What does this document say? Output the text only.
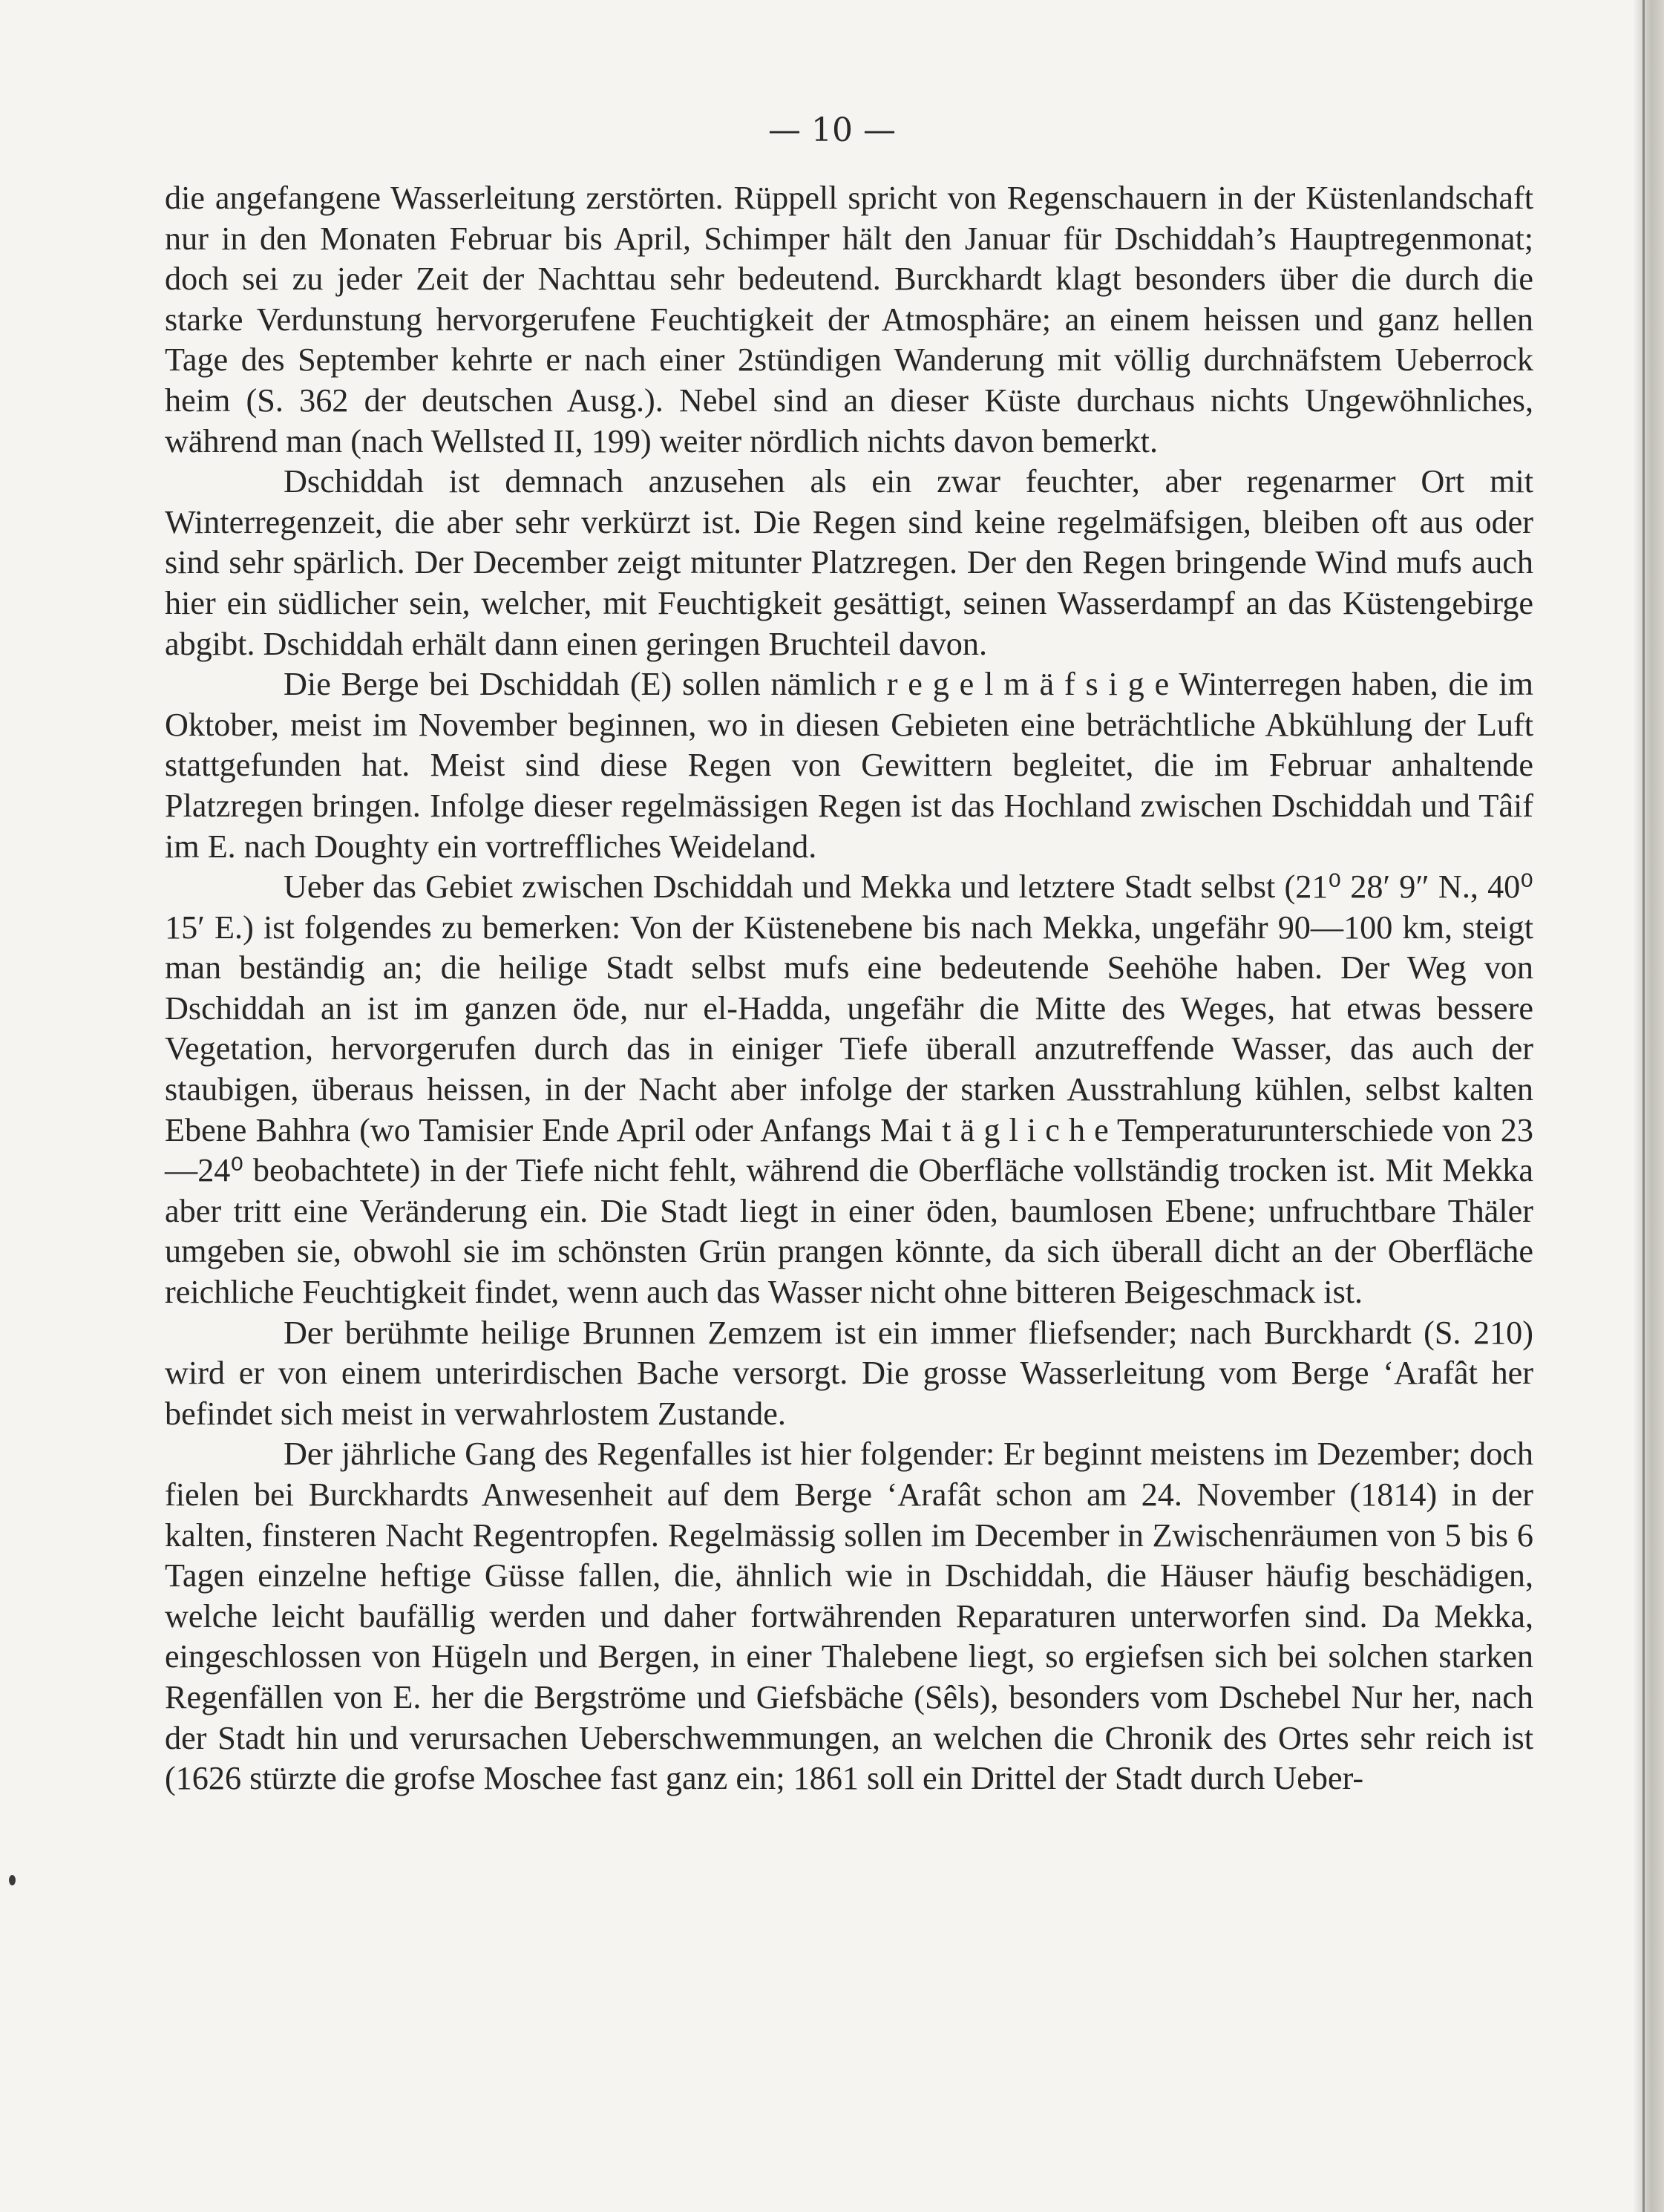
— 10 —

die angefangene Wasserleitung zerstörten. Rüppell spricht von Regenschauern in der Küstenlandschaft nur in den Monaten Februar bis April, Schimper hält den Januar für Dschiddah’s Hauptregenmonat; doch sei zu jeder Zeit der Nachttau sehr bedeutend. Burckhardt klagt besonders über die durch die starke Verdunstung hervorgerufene Feuchtigkeit der Atmosphäre; an einem heissen und ganz hellen Tage des September kehrte er nach einer 2stündigen Wanderung mit völlig durchnäfstem Ueberrock heim (S. 362 der deutschen Ausg.). Nebel sind an dieser Küste durchaus nichts Ungewöhnliches, während man (nach Wellsted II, 199) weiter nördlich nichts davon bemerkt.

Dschiddah ist demnach anzusehen als ein zwar feuchter, aber regenarmer Ort mit Winterregenzeit, die aber sehr verkürzt ist. Die Regen sind keine regelmäfsigen, bleiben oft aus oder sind sehr spärlich. Der December zeigt mitunter Platzregen. Der den Regen bringende Wind mufs auch hier ein südlicher sein, welcher, mit Feuchtigkeit gesättigt, seinen Wasserdampf an das Küstengebirge abgibt. Dschiddah erhält dann einen geringen Bruchteil davon.

Die Berge bei Dschiddah (E) sollen nämlich r e g e l m ä f s i g e Winterregen haben, die im Oktober, meist im November beginnen, wo in diesen Gebieten eine beträchtliche Abkühlung der Luft stattgefunden hat. Meist sind diese Regen von Gewittern begleitet, die im Februar anhaltende Platzregen bringen. Infolge dieser regelmässigen Regen ist das Hochland zwischen Dschiddah und Tâif im E. nach Doughty ein vortreffliches Weideland.

Ueber das Gebiet zwischen Dschiddah und Mekka und letztere Stadt selbst (21⁰ 28′ 9″ N., 40⁰ 15′ E.) ist folgendes zu bemerken: Von der Küstenebene bis nach Mekka, ungefähr 90—100 km, steigt man beständig an; die heilige Stadt selbst mufs eine bedeutende Seehöhe haben. Der Weg von Dschiddah an ist im ganzen öde, nur el-Hadda, ungefähr die Mitte des Weges, hat etwas bessere Vegetation, hervorgerufen durch das in einiger Tiefe überall anzutreffende Wasser, das auch der staubigen, überaus heissen, in der Nacht aber infolge der starken Ausstrahlung kühlen, selbst kalten Ebene Bahhra (wo Tamisier Ende April oder Anfangs Mai t ä g l i c h e Temperaturunterschiede von 23—24⁰ beobachtete) in der Tiefe nicht fehlt, während die Oberfläche vollständig trocken ist. Mit Mekka aber tritt eine Veränderung ein. Die Stadt liegt in einer öden, baumlosen Ebene; unfruchtbare Thäler umgeben sie, obwohl sie im schönsten Grün prangen könnte, da sich überall dicht an der Oberfläche reichliche Feuchtigkeit findet, wenn auch das Wasser nicht ohne bitteren Beigeschmack ist.

Der berühmte heilige Brunnen Zemzem ist ein immer fliefsender; nach Burckhardt (S. 210) wird er von einem unterirdischen Bache versorgt. Die grosse Wasserleitung vom Berge ‘Arafât her befindet sich meist in verwahrlostem Zustande.

Der jährliche Gang des Regenfalles ist hier folgender: Er beginnt meistens im Dezember; doch fielen bei Burckhardts Anwesenheit auf dem Berge ‘Arafât schon am 24. November (1814) in der kalten, finsteren Nacht Regentropfen. Regelmässig sollen im December in Zwischenräumen von 5 bis 6 Tagen einzelne heftige Güsse fallen, die, ähnlich wie in Dschiddah, die Häuser häufig beschädigen, welche leicht baufällig werden und daher fortwährenden Reparaturen unterworfen sind. Da Mekka, eingeschlossen von Hügeln und Bergen, in einer Thalebene liegt, so ergiefsen sich bei solchen starken Regenfällen von E. her die Bergströme und Giefsbäche (Sêls), besonders vom Dschebel Nur her, nach der Stadt hin und verursachen Ueberschwemmungen, an welchen die Chronik des Ortes sehr reich ist (1626 stürzte die grofse Moschee fast ganz ein; 1861 soll ein Drittel der Stadt durch Ueber-
